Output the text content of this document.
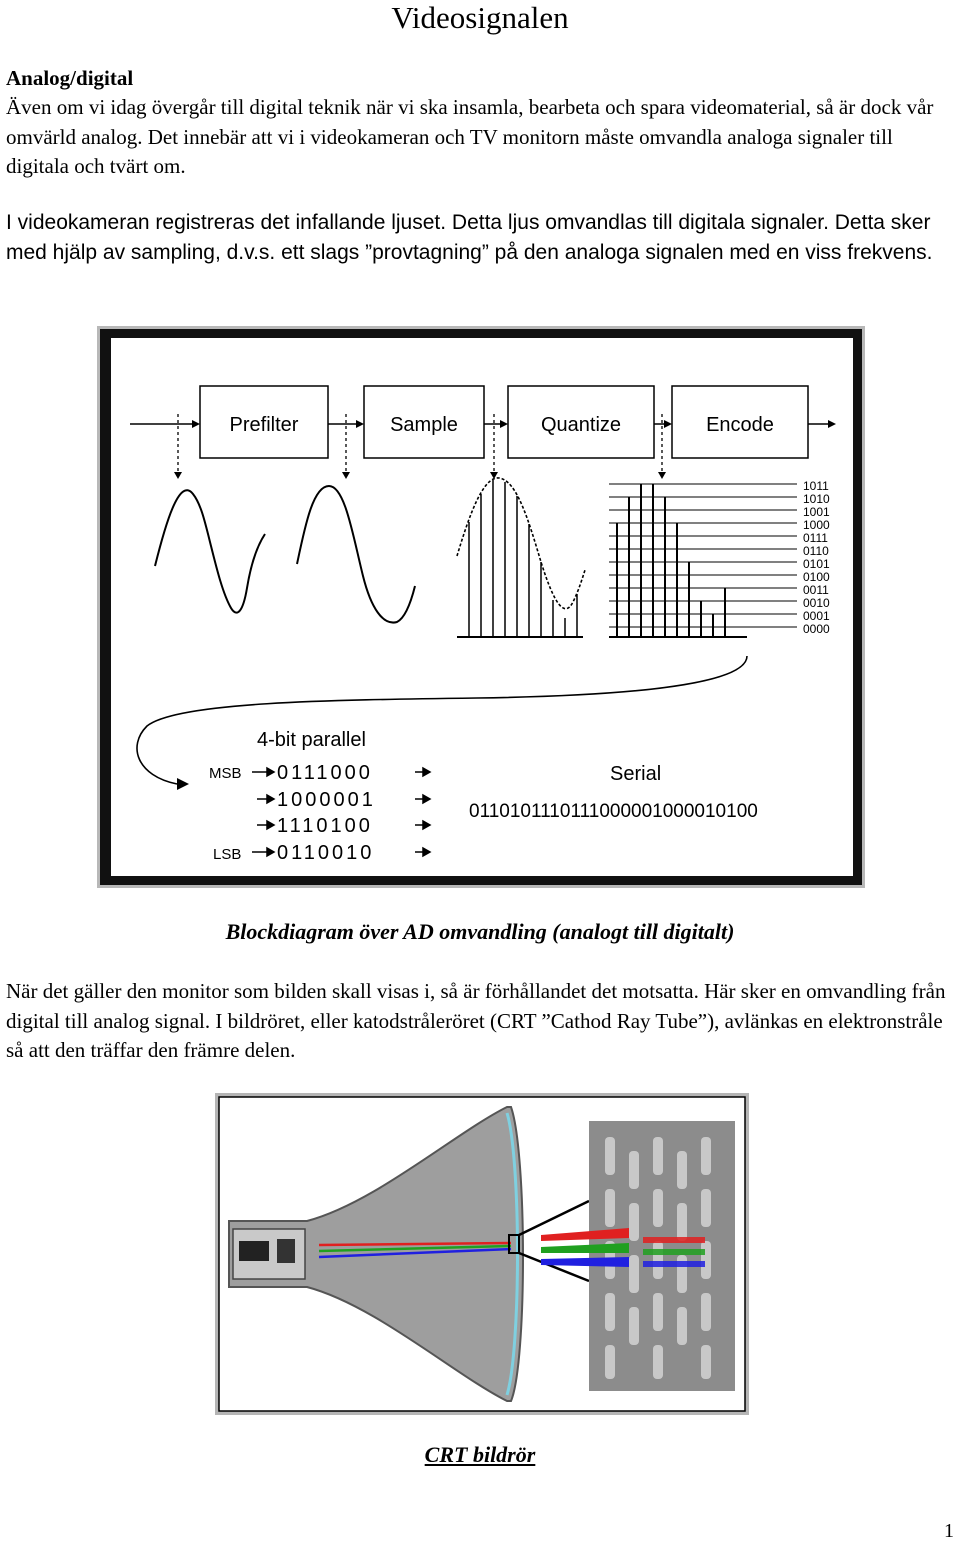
Videosignalen
Analog/digital
Även om vi idag övergår till digital teknik när vi ska insamla, bearbeta och spara videomaterial, så är dock vår omvärld analog. Det innebär att vi i videokameran och TV monitorn måste omvandla analoga signaler till digitala och tvärt om.
I videokameran registreras det infallande ljuset. Detta ljus omvandlas till digitala signaler. Detta sker med hjälp av sampling, d.v.s. ett slags ”provtagning” på den analoga signalen med en viss frekvens.
Prefilter	Sample	Quantize	Encode
1011
1010
1001
1000
0111
0110
0101
0100
0011
0010
0001
0000
4-bit parallel
MSB
LSB
0111000
1000001
1110100
0110010
Serial
0110101110111000001000010100
Blockdiagram över AD omvandling (analogt till digitalt)
När det gäller den monitor som bilden skall visas i, så är förhållandet det motsatta. Här sker en omvandling från digital till analog signal. I bildröret, eller katodstråleröret (CRT ”Cathod Ray Tube”), avlänkas en elektronstråle så att den träffar den främre delen.
CRT bildrör
1
